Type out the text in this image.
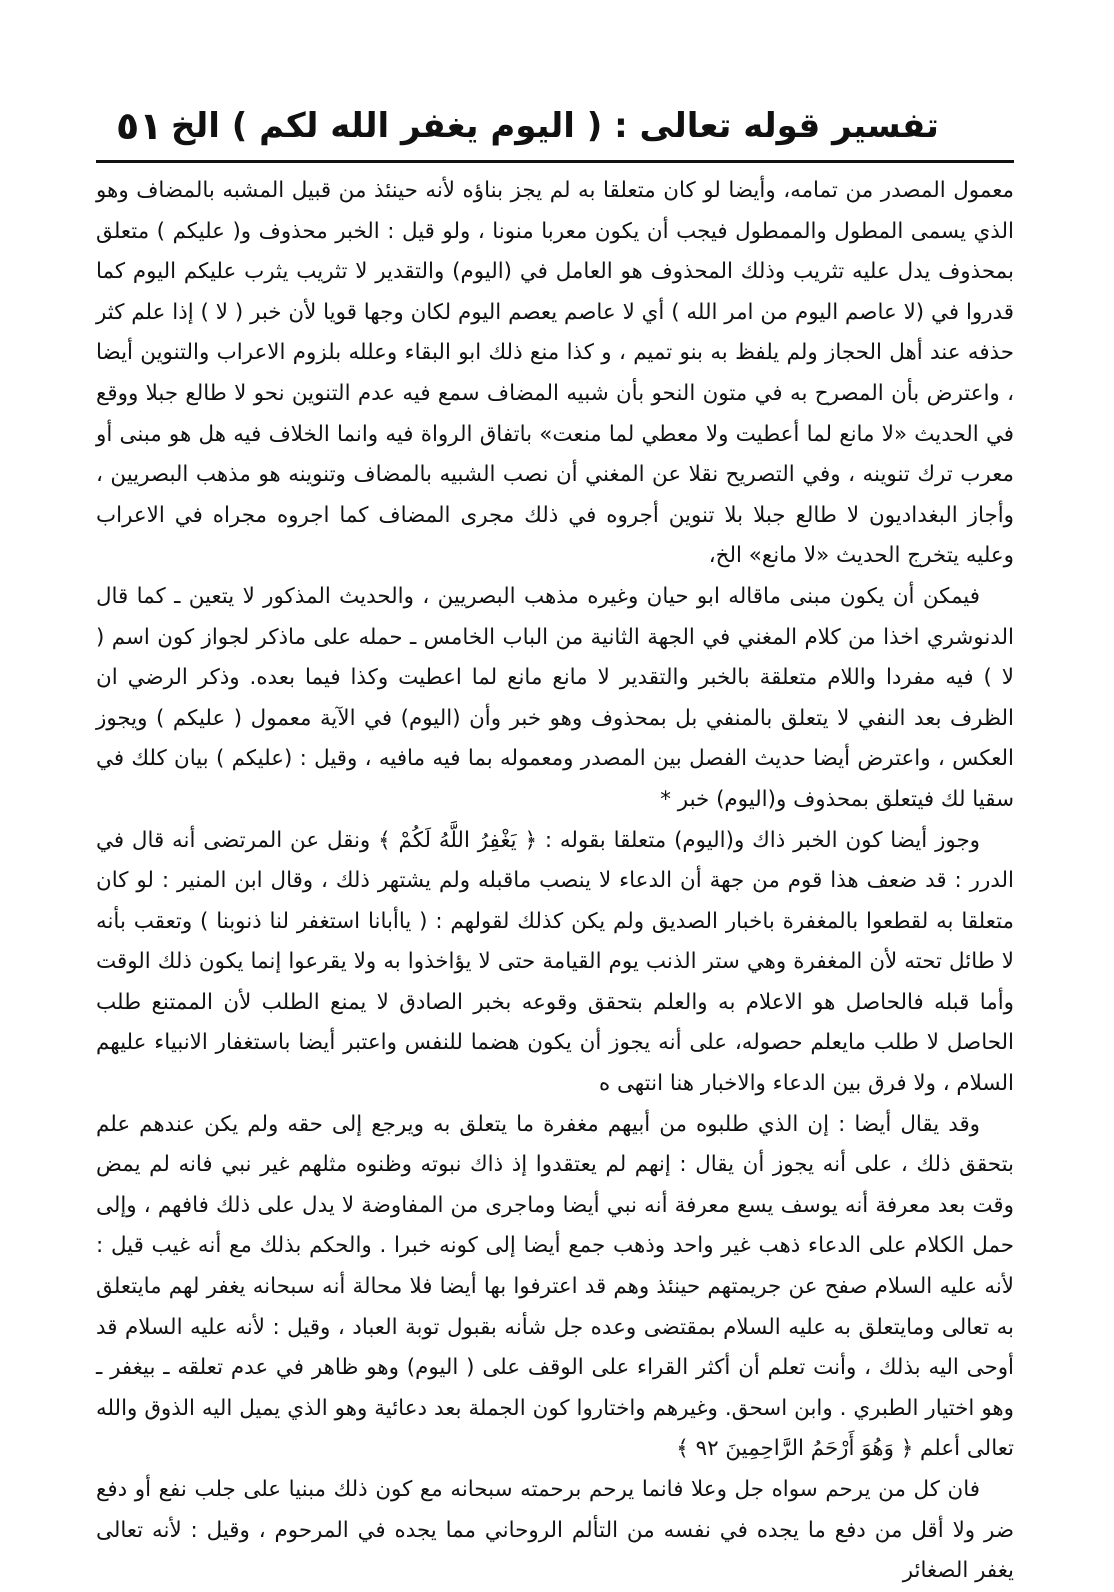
تفسير قوله تعالى : ( اليوم يغفر الله لكم ) الخ
٥١

معمول المصدر من تمامه، وأيضا لو كان متعلقا به لم يجز بناؤه لأنه حينئذ من قبيل المشبه بالمضاف وهو الذي يسمى المطول والممطول فيجب أن يكون معربا منونا ، ولو قيل : الخبر محذوف و( عليكم ) متعلق بمحذوف يدل عليه تثريب وذلك المحذوف هو العامل في (اليوم) والتقدير لا تثريب يثرب عليكم اليوم كما قدروا في (لا عاصم اليوم من امر الله ) أي لا عاصم يعصم اليوم لكان وجها قويا لأن خبر ( لا ) إذا علم كثر حذفه عند أهل الحجاز ولم يلفظ به بنو تميم ، و كذا منع ذلك ابو البقاء وعلله بلزوم الاعراب والتنوين أيضا ، واعترض بأن المصرح به في متون النحو بأن شبيه المضاف سمع فيه عدم التنوين نحو لا طالع جبلا ووقع في الحديث «لا مانع لما أعطيت ولا معطي لما منعت» باتفاق الرواة فيه وانما الخلاف فيه هل هو مبنى أو معرب ترك تنوينه ، وفي التصريح نقلا عن المغني أن نصب الشبيه بالمضاف وتنوينه هو مذهب البصريين ، وأجاز البغداديون لا طالع جبلا بلا تنوين أجروه في ذلك مجرى المضاف كما اجروه مجراه في الاعراب وعليه يتخرج الحديث «لا مانع» الخ،

فيمكن أن يكون مبنى ماقاله ابو حيان وغيره مذهب البصريين ، والحديث المذكور لا يتعين ـ كما قال الدنوشري اخذا من كلام المغني في الجهة الثانية من الباب الخامس ـ حمله على ماذكر لجواز كون اسم ( لا ) فيه مفردا واللام متعلقة بالخبر والتقدير لا مانع مانع لما اعطيت وكذا فيما بعده. وذكر الرضي ان الظرف بعد النفي لا يتعلق بالمنفي بل بمحذوف وهو خبر وأن (اليوم) في الآية معمول ( عليكم ) ويجوز العكس ، واعترض أيضا حديث الفصل بين المصدر ومعموله بما فيه مافيه ، وقيل : (عليكم ) بيان كلك في سقيا لك فيتعلق بمحذوف و(اليوم) خبر *

وجوز أيضا كون الخبر ذاك و(اليوم) متعلقا بقوله : ﴿ يَغْفِرُ اللَّهُ لَكُمْ ﴾ ونقل عن المرتضى أنه قال في الدرر : قد ضعف هذا قوم من جهة أن الدعاء لا ينصب ماقبله ولم يشتهر ذلك ، وقال ابن المنير : لو كان متعلقا به لقطعوا بالمغفرة باخبار الصديق ولم يكن كذلك لقولهم : ( ياأبانا استغفر لنا ذنوبنا ) وتعقب بأنه لا طائل تحته لأن المغفرة وهي ستر الذنب يوم القيامة حتى لا يؤاخذوا به ولا يقرعوا إنما يكون ذلك الوقت وأما قبله فالحاصل هو الاعلام به والعلم بتحقق وقوعه بخبر الصادق لا يمنع الطلب لأن الممتنع طلب الحاصل لا طلب مايعلم حصوله، على أنه يجوز أن يكون هضما للنفس واعتبر أيضا باستغفار الانبياء عليهم السلام ، ولا فرق بين الدعاء والاخبار هنا انتهى ه

وقد يقال أيضا : إن الذي طلبوه من أبيهم مغفرة ما يتعلق به ويرجع إلى حقه ولم يكن عندهم علم بتحقق ذلك ، على أنه يجوز أن يقال : إنهم لم يعتقدوا إذ ذاك نبوته وظنوه مثلهم غير نبي فانه لم يمض وقت بعد معرفة أنه يوسف يسع معرفة أنه نبي أيضا وماجرى من المفاوضة لا يدل على ذلك فافهم ، وإلى حمل الكلام على الدعاء ذهب غير واحد وذهب جمع أيضا إلى كونه خبرا . والحكم بذلك مع أنه غيب قيل : لأنه عليه السلام صفح عن جريمتهم حينئذ وهم قد اعترفوا بها أيضا فلا محالة أنه سبحانه يغفر لهم مايتعلق به تعالى ومايتعلق به عليه السلام بمقتضى وعده جل شأنه بقبول توبة العباد ، وقيل : لأنه عليه السلام قد أوحى اليه بذلك ، وأنت تعلم أن أكثر القراء على الوقف على ( اليوم) وهو ظاهر في عدم تعلقه ـ بيغفر ـ وهو اختيار الطبري . وابن اسحق. وغيرهم واختاروا كون الجملة بعد دعائية وهو الذي يميل اليه الذوق والله تعالى أعلم ﴿ وَهُوَ أَرْحَمُ الرَّاحِمِينَ ٩٢ ﴾

فان كل من يرحم سواه جل وعلا فانما يرحم برحمته سبحانه مع كون ذلك مبنيا على جلب نفع أو دفع ضر ولا أقل من دفع ما يجده في نفسه من التألم الروحاني مما يجده في المرحوم ، وقيل : لأنه تعالى يغفر الصغائر
